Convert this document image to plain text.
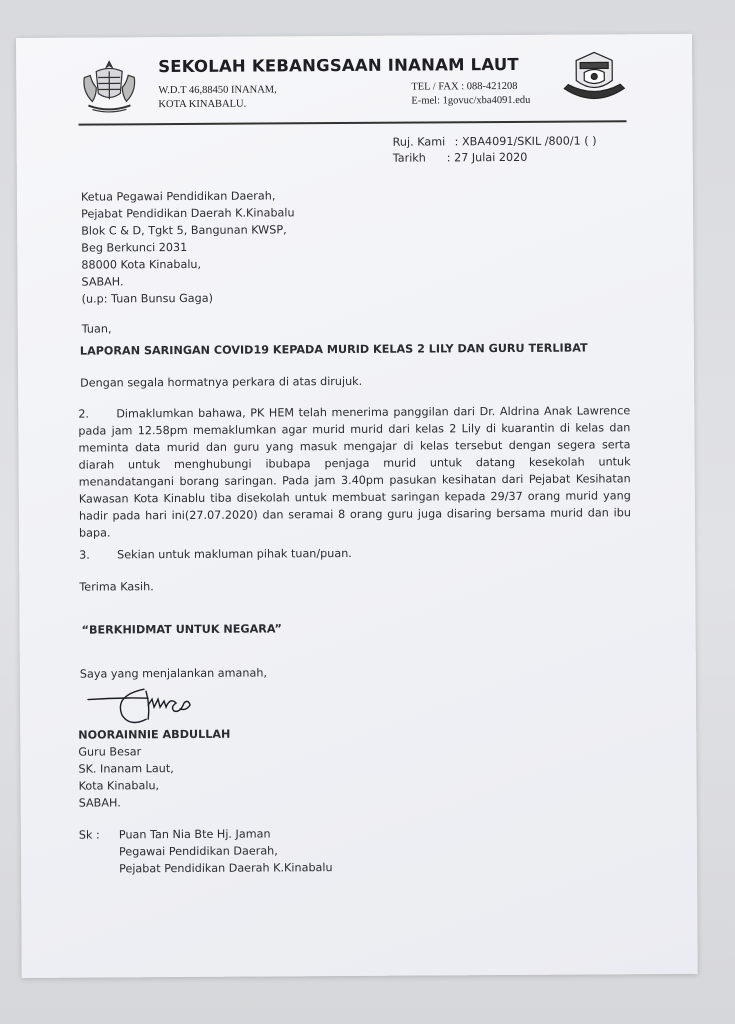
SEKOLAH KEBANGSAAN INANAM LAUT
W.D.T 46,88450 INANAM,
KOTA KINABALU.
TEL / FAX : 088-421208
E-mel: 1govuc/xba4091.edu
Ruj. Kami : XBA4091/SKIL /800/1 ( )
Tarikh : 27 Julai 2020
Ketua Pegawai Pendidikan Daerah,
Pejabat Pendidikan Daerah K.Kinabalu
Blok C & D, Tgkt 5, Bangunan KWSP,
Beg Berkunci 2031
88000 Kota Kinabalu,
SABAH.
(u.p: Tuan Bunsu Gaga)
Tuan,
LAPORAN SARINGAN COVID19 KEPADA MURID KELAS 2 LILY DAN GURU TERLIBAT
Dengan segala hormatnya perkara di atas dirujuk.
2. Dimaklumkan bahawa, PK HEM telah menerima panggilan dari Dr. Aldrina Anak Lawrence pada jam 12.58pm memaklumkan agar murid murid dari kelas 2 Lily di kuarantin di kelas dan meminta data murid dan guru yang masuk mengajar di kelas tersebut dengan segera serta diarah untuk menghubungi ibubapa penjaga murid untuk datang kesekolah untuk menandatangani borang saringan. Pada jam 3.40pm pasukan kesihatan dari Pejabat Kesihatan Kawasan Kota Kinablu tiba disekolah untuk membuat saringan kepada 29/37 orang murid yang hadir pada hari ini(27.07.2020) dan seramai 8 orang guru juga disaring bersama murid dan ibu bapa.
3. Sekian untuk makluman pihak tuan/puan.
Terima Kasih.
“BERKHIDMAT UNTUK NEGARA”
Saya yang menjalankan amanah,
NOORAINNIE ABDULLAH
Guru Besar
SK. Inanam Laut,
Kota Kinabalu,
SABAH.
Sk : Puan Tan Nia Bte Hj. Jaman
Pegawai Pendidikan Daerah,
Pejabat Pendidikan Daerah K.Kinabalu
